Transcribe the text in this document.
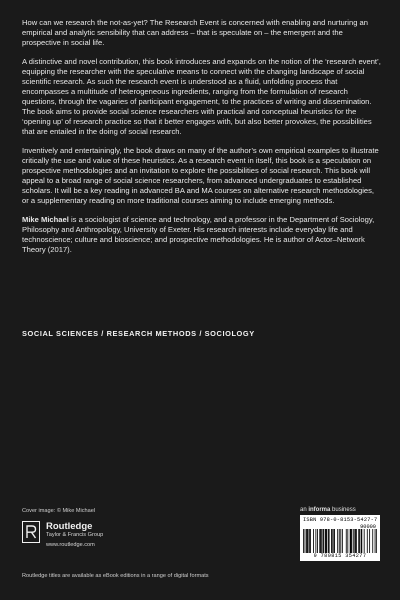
How can we research the not-as-yet? The Research Event is concerned with enabling and nurturing an empirical and analytic sensibility that can address – that is speculate on – the emergent and the prospective in social life.

A distinctive and novel contribution, this book introduces and expands on the notion of the ‘research event’, equipping the researcher with the speculative means to connect with the changing landscape of social scientific research. As such the research event is understood as a fluid, unfolding process that encompasses a multitude of heterogeneous ingredients, ranging from the formulation of research questions, through the vagaries of participant engagement, to the practices of writing and dissemination. The book aims to provide social science researchers with practical and conceptual heuristics for the ‘opening up’ of research practice so that it better engages with, but also better provokes, the possibilities that are entailed in the doing of social research.

Inventively and entertainingly, the book draws on many of the author’s own empirical examples to illustrate critically the use and value of these heuristics. As a research event in itself, this book is a speculation on prospective methodologies and an invitation to explore the possibilities of social research. This book will appeal to a broad range of social science researchers, from advanced undergraduates to established scholars. It will be a key reading in advanced BA and MA courses on alternative research methodologies, or a supplementary reading on more traditional courses aiming to include emerging methods.

Mike Michael is a sociologist of science and technology, and a professor in the Department of Sociology, Philosophy and Anthropology, University of Exeter. His research interests include everyday life and technoscience; culture and bioscience; and prospective methodologies. He is author of Actor–Network Theory (2017).

SOCIAL SCIENCES / RESEARCH METHODS / SOCIOLOGY
Cover image: © Mike Michael
Routledge
Taylor & Francis Group
www.routledge.com
Routledge titles are available as eBook editions in a range of digital formats
an informa business
ISBN 978-0-8153-5427-7
90000
9 780815 354277
